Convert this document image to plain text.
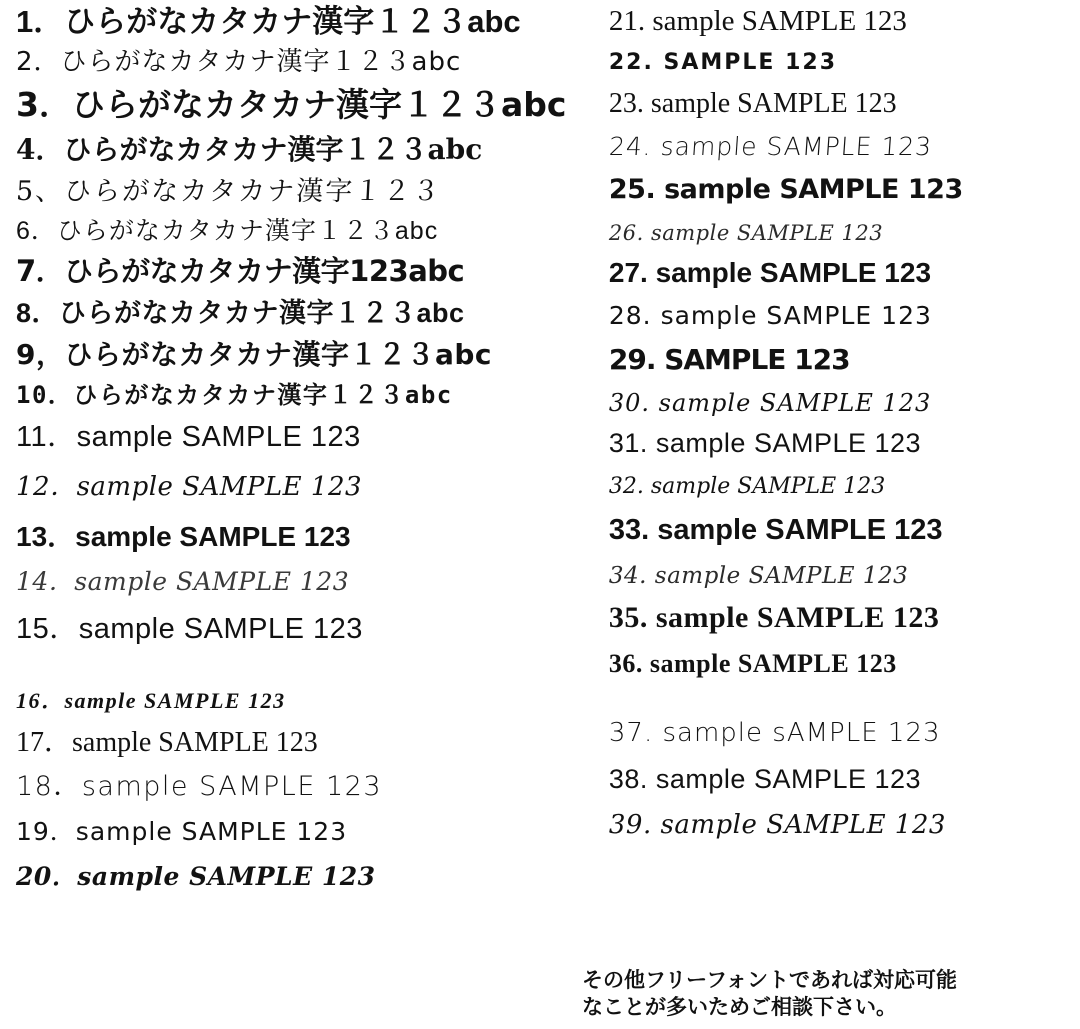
1．ひらがなカタカナ漢字１２３abc
2．ひらがなカタカナ漢字１２３abc
3．ひらがなカタカナ漢字１２３abc
4．ひらがなカタカナ漢字１２３abc
5、ひらがなカタカナ漢字１２３
6．ひらがなカタカナ漢字１２３abc
7．ひらがなカタカナ漢字123abc
8．ひらがなカタカナ漢字１２３abc
9，ひらがなカタカナ漢字１２３abc
10．ひらがなカタカナ漢字１２３abc
11．sample SAMPLE 123
12．sample SAMPLE 123
13．sample SAMPLE 123
14．sample SAMPLE 123
15．sample SAMPLE 123
16．sample SAMPLE 123
17．sample SAMPLE 123
18．sample SAMPLE 123
19．sample SAMPLE 123
20．sample SAMPLE 123
21. sample SAMPLE 123
22. SAMPLE 123
23. sample SAMPLE 123
24. sample SAMPLE 123
25. sample SAMPLE 123
26. sample SAMPLE 123
27. sample SAMPLE 123
28. sample SAMPLE 123
29. SAMPLE 123
30. sample SAMPLE 123
31. sample SAMPLE 123
32. sample SAMPLE 123
33. sample SAMPLE 123
34. sample SAMPLE 123
35. sample SAMPLE 123
36. sample SAMPLE 123
37. sample sAMPLE 123
38. sample SAMPLE 123
39. sample SAMPLE 123
その他フリーフォントであれば対応可能
なことが多いためご相談下さい。
